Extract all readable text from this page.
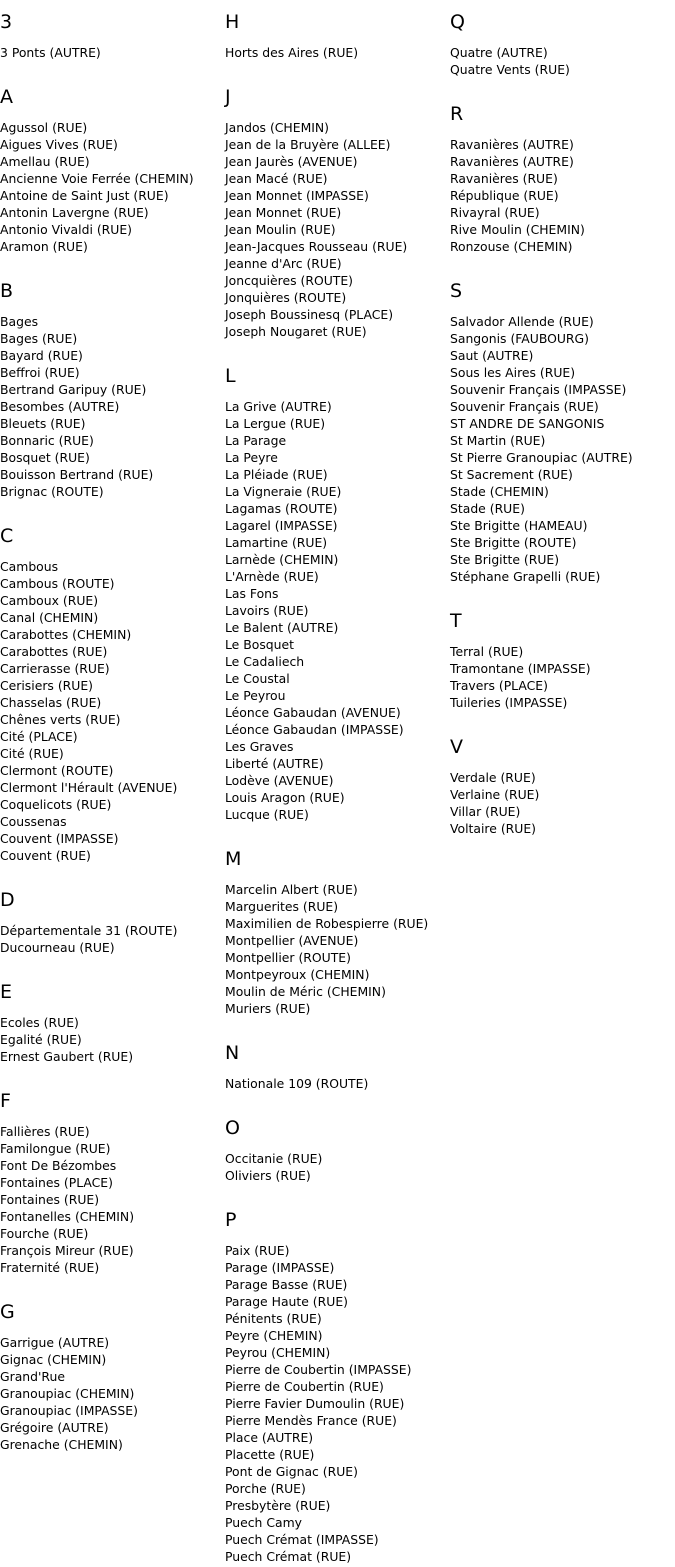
3
3 Ponts (AUTRE)
A
Agussol (RUE)
Aigues Vives (RUE)
Amellau (RUE)
Ancienne Voie Ferrée (CHEMIN)
Antoine de Saint Just (RUE)
Antonin Lavergne (RUE)
Antonio Vivaldi (RUE)
Aramon (RUE)
B
Bages
Bages (RUE)
Bayard (RUE)
Beffroi (RUE)
Bertrand Garipuy (RUE)
Besombes (AUTRE)
Bleuets (RUE)
Bonnaric (RUE)
Bosquet (RUE)
Bouisson Bertrand (RUE)
Brignac (ROUTE)
C
Cambous
Cambous (ROUTE)
Camboux (RUE)
Canal (CHEMIN)
Carabottes (CHEMIN)
Carabottes (RUE)
Carrierasse (RUE)
Cerisiers (RUE)
Chasselas (RUE)
Chênes verts (RUE)
Cité (PLACE)
Cité (RUE)
Clermont (ROUTE)
Clermont l'Hérault (AVENUE)
Coquelicots (RUE)
Coussenas
Couvent (IMPASSE)
Couvent (RUE)
D
Départementale 31 (ROUTE)
Ducourneau (RUE)
E
Ecoles (RUE)
Egalité (RUE)
Ernest Gaubert (RUE)
F
Fallières (RUE)
Familongue (RUE)
Font De Bézombes
Fontaines (PLACE)
Fontaines (RUE)
Fontanelles (CHEMIN)
Fourche (RUE)
François Mireur (RUE)
Fraternité (RUE)
G
Garrigue (AUTRE)
Gignac (CHEMIN)
Grand'Rue
Granoupiac (CHEMIN)
Granoupiac (IMPASSE)
Grégoire (AUTRE)
Grenache (CHEMIN)
H
Horts des Aires (RUE)
J
Jandos (CHEMIN)
Jean de la Bruyère (ALLEE)
Jean Jaurès (AVENUE)
Jean Macé (RUE)
Jean Monnet (IMPASSE)
Jean Monnet (RUE)
Jean Moulin (RUE)
Jean-Jacques Rousseau (RUE)
Jeanne d'Arc (RUE)
Joncquières (ROUTE)
Jonquières (ROUTE)
Joseph Boussinesq (PLACE)
Joseph Nougaret (RUE)
L
La Grive (AUTRE)
La Lergue (RUE)
La Parage
La Peyre
La Pléiade (RUE)
La Vigneraie (RUE)
Lagamas (ROUTE)
Lagarel (IMPASSE)
Lamartine (RUE)
Larnède (CHEMIN)
L'Arnède (RUE)
Las Fons
Lavoirs (RUE)
Le Balent (AUTRE)
Le Bosquet
Le Cadaliech
Le Coustal
Le Peyrou
Léonce Gabaudan (AVENUE)
Léonce Gabaudan (IMPASSE)
Les Graves
Liberté (AUTRE)
Lodève (AVENUE)
Louis Aragon (RUE)
Lucque (RUE)
M
Marcelin Albert (RUE)
Marguerites (RUE)
Maximilien de Robespierre (RUE)
Montpellier (AVENUE)
Montpellier (ROUTE)
Montpeyroux (CHEMIN)
Moulin de Méric (CHEMIN)
Muriers (RUE)
N
Nationale 109 (ROUTE)
O
Occitanie (RUE)
Oliviers (RUE)
P
Paix (RUE)
Parage (IMPASSE)
Parage Basse (RUE)
Parage Haute (RUE)
Pénitents (RUE)
Peyre (CHEMIN)
Peyrou (CHEMIN)
Pierre de Coubertin (IMPASSE)
Pierre de Coubertin (RUE)
Pierre Favier Dumoulin (RUE)
Pierre Mendès France (RUE)
Place (AUTRE)
Placette (RUE)
Pont de Gignac (RUE)
Porche (RUE)
Presbytère (RUE)
Puech Camy
Puech Crémat (IMPASSE)
Puech Crémat (RUE)
Q
Quatre (AUTRE)
Quatre Vents (RUE)
R
Ravanières (AUTRE)
Ravanières (AUTRE)
Ravanières (RUE)
République (RUE)
Rivayral (RUE)
Rive Moulin (CHEMIN)
Ronzouse (CHEMIN)
S
Salvador Allende (RUE)
Sangonis (FAUBOURG)
Saut (AUTRE)
Sous les Aires (RUE)
Souvenir Français (IMPASSE)
Souvenir Français (RUE)
ST ANDRE DE SANGONIS
St Martin (RUE)
St Pierre Granoupiac (AUTRE)
St Sacrement (RUE)
Stade (CHEMIN)
Stade (RUE)
Ste Brigitte (HAMEAU)
Ste Brigitte (ROUTE)
Ste Brigitte (RUE)
Stéphane Grapelli (RUE)
T
Terral (RUE)
Tramontane (IMPASSE)
Travers (PLACE)
Tuileries (IMPASSE)
V
Verdale (RUE)
Verlaine (RUE)
Villar (RUE)
Voltaire (RUE)
